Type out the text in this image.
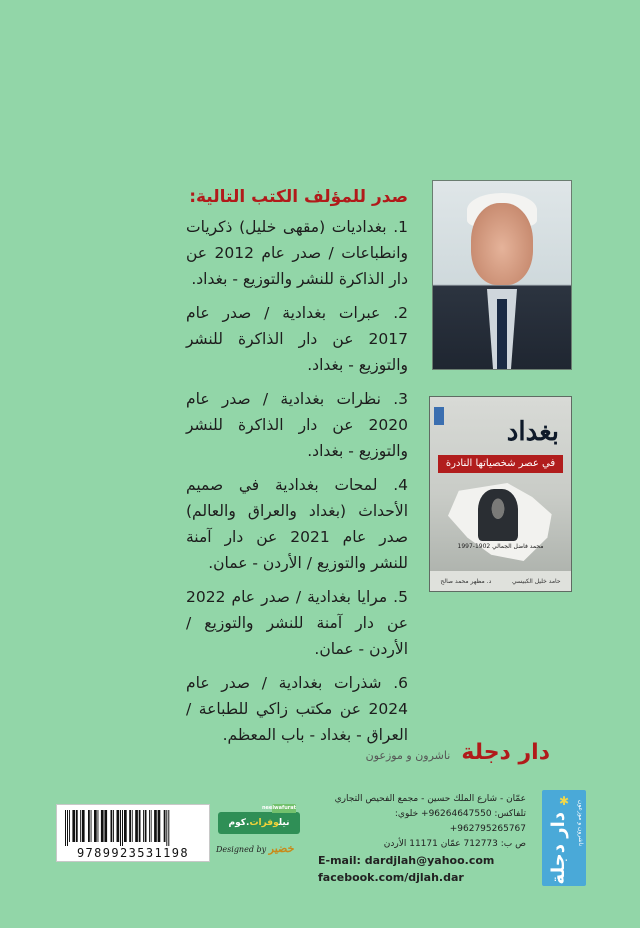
صدر للمؤلف الكتب التالية:
1. بغداديات (مقهى خليل) ذكريات وانطباعات / صدر عام 2012 عن دار الذاكرة للنشر والتوزيع - بغداد.
2. عبرات بغدادية / صدر عام 2017 عن دار الذاكرة للنشر والتوزيع - بغداد.
3. نظرات بغدادية / صدر عام 2020 عن دار الذاكرة للنشر والتوزيع - بغداد.
4. لمحات بغدادية في صميم الأحداث (بغداد والعراق والعالم) صدر عام 2021 عن دار آمنة للنشر والتوزيع / الأردن - عمان.
5. مرايا بغدادية / صدر عام 2022 عن دار آمنة للنشر والتوزيع / الأردن - عمان.
6. شذرات بغدادية / صدر عام 2024 عن مكتب زاكي للطباعة / العراق - بغداد - باب المعظم.
بغداد
في عصر شخصياتها النادرة
محمد فاضل الجمالي 1902-1997
حامد خليل الكبيسي
د. مظهر محمد صالح
دار دجلة ناشرون و موزعون
عمّان - شارع الملك حسين - مجمع الفحيص التجاري
تلفاكس: 96264647550+ خلوي: 962795265767+
ص ب: 712773 عمّان 11171 الأردن
E-mail: dardjlah@yahoo.com
facebook.com/djlah.dar
✱	ناشرون و موزعون
دار دجلة
neelwafurat
نيلوفرات.كوم
Designed by خضير
9789923531198
